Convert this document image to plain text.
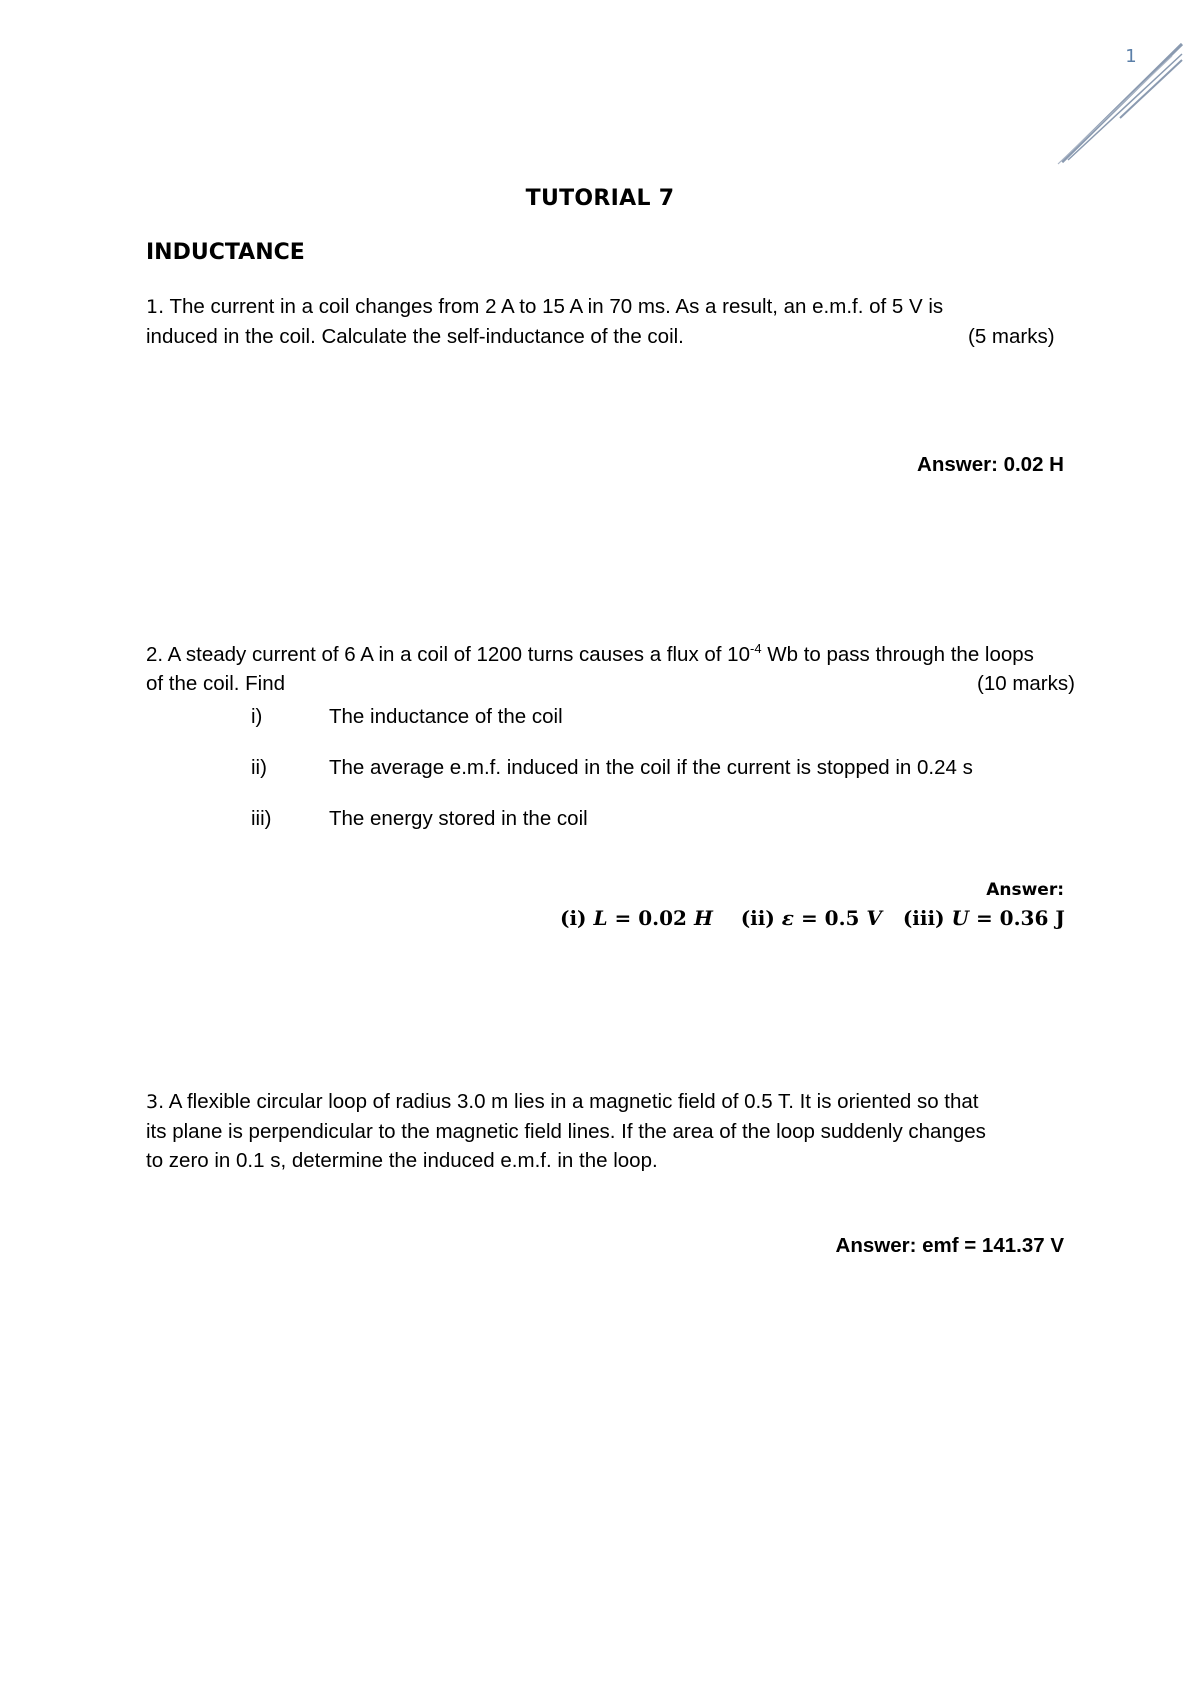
1
TUTORIAL 7
INDUCTANCE
1. The current in a coil changes from 2 A to 15 A in 70 ms. As a result, an e.m.f. of 5 V is
induced in the coil. Calculate the self-inductance of the coil.	(5 marks)
Answer: 0.02 H
2. A steady current of 6 A in a coil of 1200 turns causes a flux of $10^{-4}$ Wb to pass through the loops
of the coil. Find	(10 marks)
i)	The inductance of the coil
ii)	The average e.m.f. induced in the coil if the current is stopped in 0.24 s
iii)	The energy stored in the coil
Answer:
(i) L = 0.02 H (ii) ε = 0.5 V (iii) U = 0.36 J
3. A flexible circular loop of radius 3.0 m lies in a magnetic field of 0.5 T. It is oriented so that
its plane is perpendicular to the magnetic field lines. If the area of the loop suddenly changes
to zero in 0.1 s, determine the induced e.m.f. in the loop.
Answer: emf = 141.37 V
